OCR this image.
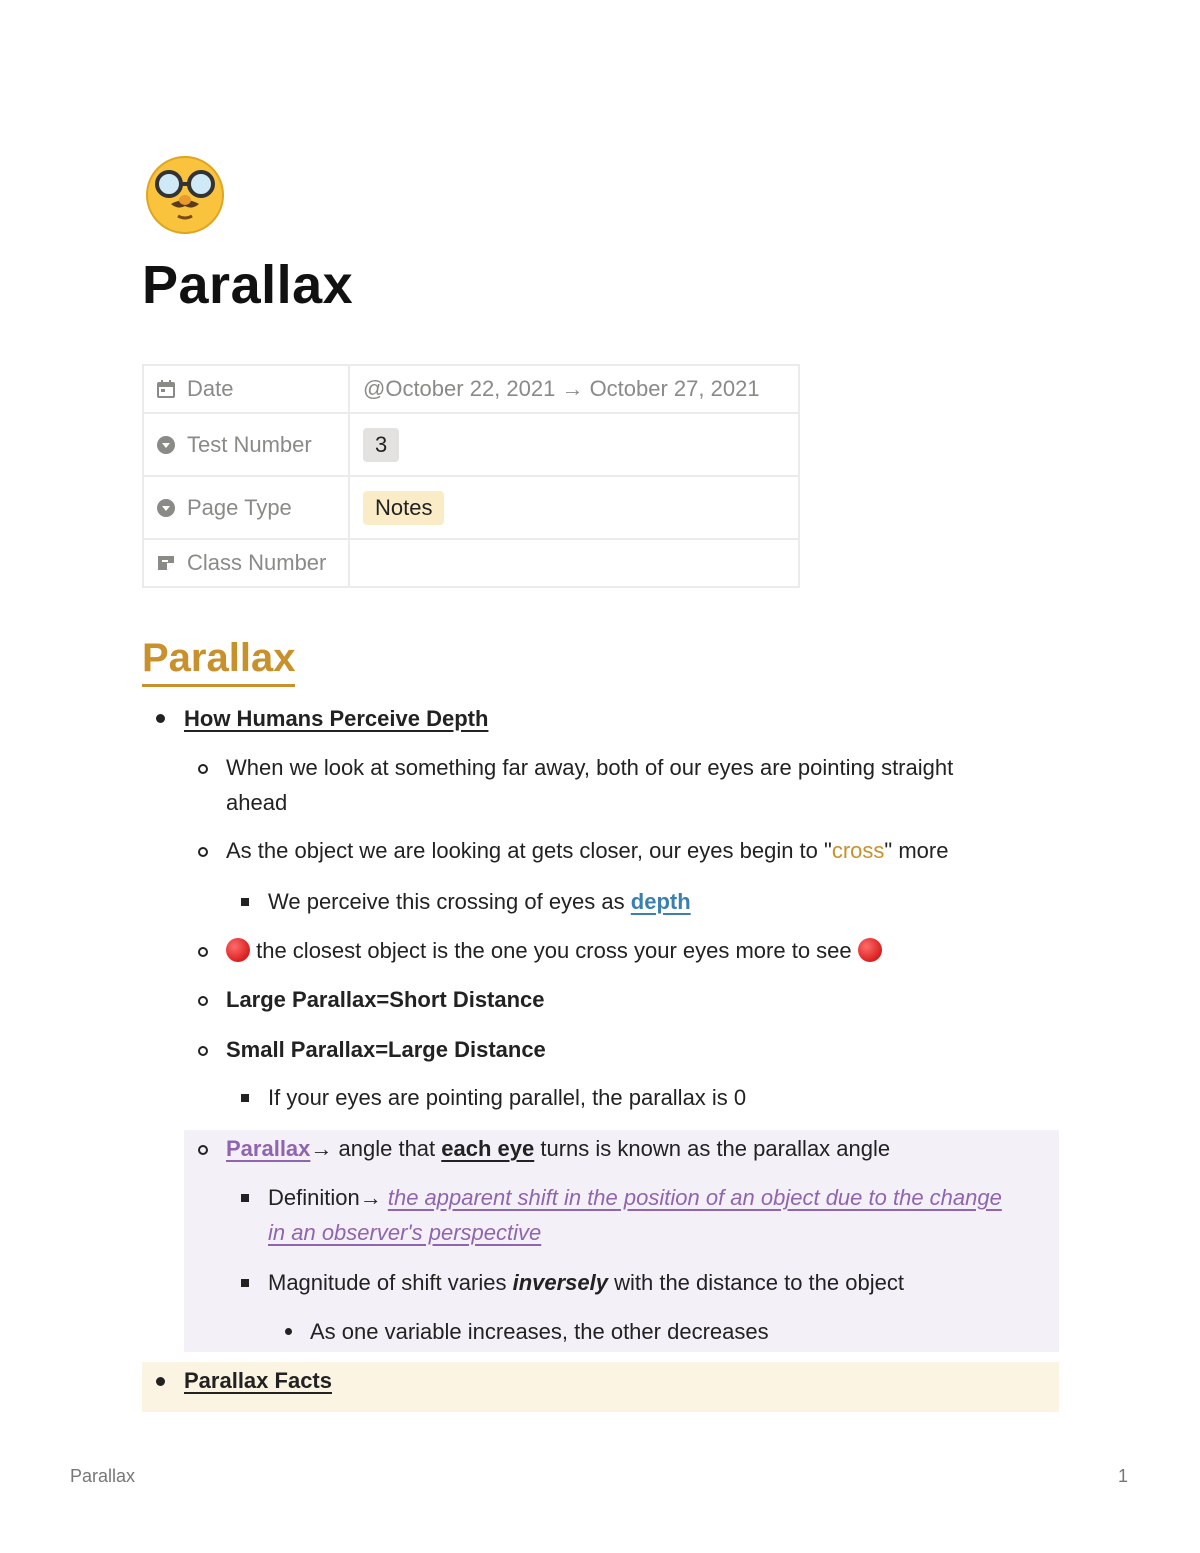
Parallax
Date	@October 22, 2021 → October 27, 2021
Test Number	3
Page Type	Notes
Class Number	
Parallax
How Humans Perceive Depth
When we look at something far away, both of our eyes are pointing straight
ahead
As the object we are looking at gets closer, our eyes begin to "cross" more
We perceive this crossing of eyes as depth
the closest object is the one you cross your eyes more to see
Large Parallax=Short Distance
Small Parallax=Large Distance
If your eyes are pointing parallel, the parallax is 0
Parallax→ angle that each eye turns is known as the parallax angle
Definition→ the apparent shift in the position of an object due to the change
in an observer's perspective
Magnitude of shift varies inversely with the distance to the object
As one variable increases, the other decreases
Parallax Facts
Parallax	1
